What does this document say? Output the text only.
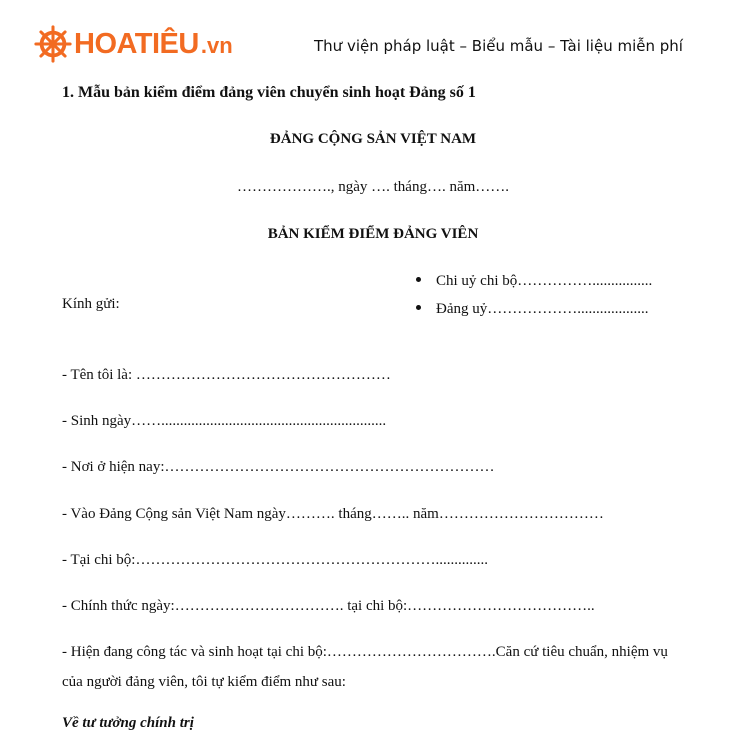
HOATIÊU .vn	Thư viện pháp luật – Biểu mẫu – Tài liệu miễn phí
1. Mẫu bản kiểm điểm đảng viên chuyển sinh hoạt Đảng số 1
ĐẢNG CỘNG SẢN VIỆT NAM
………………., ngày …. tháng…. năm…….
BẢN KIỂM ĐIỂM ĐẢNG VIÊN
Chi uỷ chi bộ……………................
Kính gửi:	Đảng uỷ………………...................
- Tên tôi là: ……………………………………………
- Sinh ngày……............................................................
- Nơi ở hiện nay:…………………………………………………………
- Vào Đảng Cộng sản Việt Nam ngày………. tháng…….. năm……………………………
- Tại chi bộ:……………………………………………………..............
- Chính thức ngày:……………………………. tại chi bộ:………………………………..
- Hiện đang công tác và sinh hoạt tại chi bộ:…………………………….Căn cứ tiêu chuẩn, nhiệm vụ
của người đảng viên, tôi tự kiểm điểm như sau:
Về tư tưởng chính trị
